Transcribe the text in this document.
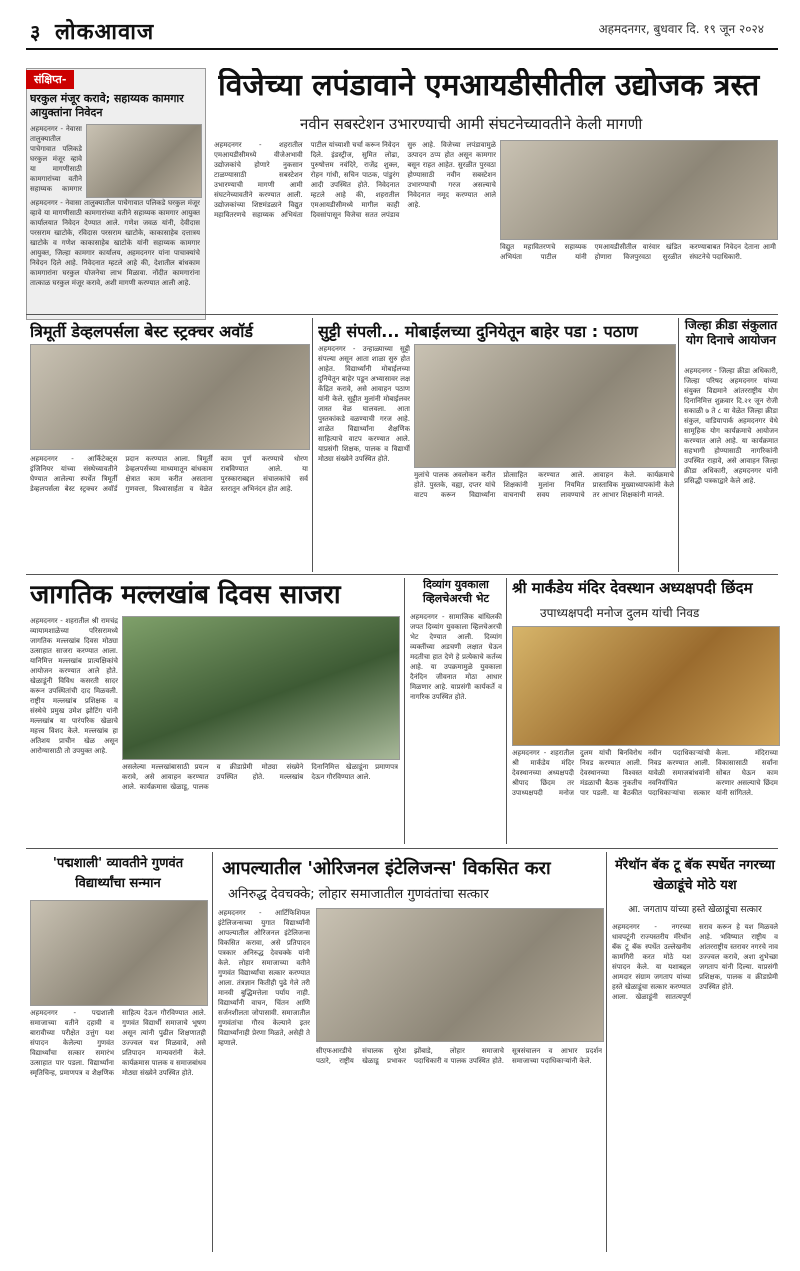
३ लोकआवाज	अहमदनगर, बुधवार दि. १९ जून २०२४
संक्षिप्त-
घरकुल मंजूर करावे; सहाय्यक कामगार आयुक्तांना निवेदन
अहमदनगर - नेवासा तालुक्यातील पाचेगावात पलिकडे घरकुल मंजूर व्हावे या मागणीसाठी कामगारांच्या वतीने सहाय्यक कामगार
अहमदनगर - नेवासा तालुक्यातील पाचेगावात पलिकडे घरकुल मंजूर व्हावे या मागणीसाठी कामगारांच्या वतीने सहाय्यक कामगार आयुक्त कार्यालयात निवेदन देण्यात आले. गणेश जवळ यांनी, देवीदास परसराम खाटोके, रविदास परसराम खाटोके, काकासाहेब दत्तात्रय खाटोके व गणेश काकासाहेब खाटोके यांनी सहाय्यक कामगार आयुक्त, जिल्हा कामगार कार्यालय, अहमदनगर यांना पाचाक्यांचे निवेदन दिले आहे. निवेदनात म्हटले आहे की, देशातील बांधकाम कामगारांना घरकुल योजनेचा लाभ मिळावा. नोंदीत कामगारांना तात्काळ घरकुल मंजूर करावे, अशी मागणी करण्यात आली आहे.
विजेच्या लपंडावाने एमआयडीसीतील उद्योजक त्रस्त
नवीन सबस्टेशन उभारण्याची आमी संघटनेच्यावतीने केली मागणी
अहमदनगर - शहरातील एमआयडीसीमध्ये वीजेअभावी उद्योजकांचे होणारे नुकसान टाळण्यासाठी सबस्टेशन उभारण्याची मागणी आमी संघटनेच्यावतीने करण्यात आली. उद्योजकांच्या शिष्टमंडळाने विद्युत महावितरणचे सहाय्यक अभियंता पाटील यांच्याशी चर्चा करून निवेदन दिले. इंडस्ट्रीज, सुमित लोढा, पुरुषोत्तम नवंदिरे, राजेंद्र शुक्ल, रोहन गांधी, सचिन पाठक, पांडुरंग आदी उपस्थित होते. निवेदनात म्हटले आहे की, शहरातील एमआयडीसीमध्ये मागील काही दिवसांपासून विजेचा सतत लपंडाव सुरु आहे. विजेच्या लपंडावामुळे उत्पादन ठप्प होत असून कामगार बसून राहत आहेत. सुरळीत पुरवठा होण्यासाठी नवीन सबस्टेशन उभारण्याची गरज असल्याचे निवेदनात नमूद करण्यात आले आहे.
विद्युत महावितरणचे सहाय्यक अभियंता पाटील यांनी एमआयडीसीतील वारंवार खंडित होणारा विजपुरवठा सुरळीत करण्याबाबत निवेदन देताना आमी संघटनेचे पदाधिकारी.
त्रिमूर्ती डेव्हलपर्सला बेस्ट स्ट्रक्चर अवॉर्ड
अहमदनगर - आर्किटेक्ट्स इंजिनियर यांच्या संस्थेच्यावतीने घेण्यात आलेल्या स्पर्धेत त्रिमूर्ती डेव्हलपर्सला बेस्ट स्ट्रक्चर अवॉर्ड प्रदान करण्यात आला. त्रिमूर्ती डेव्हलपर्सच्या माध्यमातून बांधकाम क्षेत्रात काम करीत असताना गुणवत्ता, विश्वासार्हता व वेळेत काम पूर्ण करण्याचे धोरण राबविण्यात आले. या पुरस्काराबद्दल संचालकांचे सर्व स्तरातून अभिनंदन होत आहे.
सुट्टी संपली... मोबाईलच्या दुनियेतून बाहेर पडा : पठाण
अहमदनगर - उन्हाळ्याच्या सुट्टी संपल्या असून आता शाळा सुरु होत आहेत. विद्यार्थ्यांनी मोबाईलच्या दुनियेतून बाहेर पडून अभ्यासावर लक्ष केंद्रित करावे, असे आवाहन पठाण यांनी केले. सुट्टीत मुलांनी मोबाईलवर जास्त वेळ घालवला. आता पुस्तकांकडे वळण्याची गरज आहे. शाळेत विद्यार्थ्यांना शैक्षणिक साहित्याचे वाटप करण्यात आले. याप्रसंगी शिक्षक, पालक व विद्यार्थी मोठ्या संख्येने उपस्थित होते.
मुलांचे पालक अवलोकन करीत होते. पुस्तके, वह्या, दप्तर यांचे वाटप करून विद्यार्थ्यांना प्रोत्साहित करण्यात आले. शिक्षकांनी मुलांना नियमित वाचनाची सवय लावण्याचे आवाहन केले. कार्यक्रमाचे प्रास्ताविक मुख्याध्यापकांनी केले तर आभार शिक्षकांनी मानले.
जिल्हा क्रीडा संकुलात योग दिनाचे आयोजन
अहमदनगर - जिल्हा क्रीडा अधिकारी, जिल्हा परिषद अहमदनगर यांच्या संयुक्त विद्यमाने आंतरराष्ट्रीय योग दिनानिमित्त शुक्रवार दि.२१ जून रोजी सकाळी ७ ते ८ या वेळेत जिल्हा क्रीडा संकुल, वाडियापार्क अहमदनगर येथे सामूहिक योग कार्यक्रमाचे आयोजन करण्यात आले आहे. या कार्यक्रमात सहभागी होण्यासाठी नागरिकांनी उपस्थित राहावे, असे आवाहन जिल्हा क्रीडा अधिकारी, अहमदनगर यांनी प्रसिद्धी पत्रकाद्वारे केले आहे.
जागतिक मल्लखांब दिवस साजरा
अहमदनगर - शहरातील श्री रामचंद्र व्यायामशाळेच्या परिसरामध्ये जागतिक मल्लखांब दिवस मोठ्या उत्साहात साजरा करण्यात आला. यानिमित्त मल्लखांब प्रात्यक्षिकांचे आयोजन करण्यात आले होते. खेळाडूंनी विविध कसरती सादर करून उपस्थितांची दाद मिळवली. राष्ट्रीय मल्लखांब प्रशिक्षक व संस्थेचे प्रमुख उमेश झोटिंग यांनी मल्लखांब या पारंपरिक खेळाचे महत्त्व विशद केले. मल्लखांब हा अतिशय प्राचीन खेळ असून आरोग्यासाठी तो उपयुक्त आहे.
असलेल्या मल्लखांबासाठी प्रयत्न करावे, असे आवाहन करण्यात आले. कार्यक्रमास खेळाडू, पालक व क्रीडाप्रेमी मोठ्या संख्येने उपस्थित होते. मल्लखांब दिनानिमित्त खेळाडूंना प्रमाणपत्र देऊन गौरविण्यात आले.
दिव्यांग युवकाला व्हिलचेअरची भेट
अहमदनगर - सामाजिक बांधिलकी जपत दिव्यांग युवकाला व्हिलचेअरची भेट देण्यात आली. दिव्यांग व्यक्तींच्या अडचणी लक्षात घेऊन मदतीचा हात देणे हे प्रत्येकाचे कर्तव्य आहे. या उपक्रमामुळे युवकाला दैनंदिन जीवनात मोठा आधार मिळणार आहे. याप्रसंगी कार्यकर्ते व नागरिक उपस्थित होते.
श्री मार्कंडेय मंदिर देवस्थान अध्यक्षपदी छिंदम
उपाध्यक्षपदी मनोज दुलम यांची निवड
अहमदनगर - शहरातील श्री मार्कंडेय मंदिर देवस्थानच्या अध्यक्षपदी श्रीपाद छिंदम तर उपाध्यक्षपदी मनोज दुलम यांची बिनविरोध निवड करण्यात आली. देवस्थानच्या विश्वस्त मंडळाची बैठक नुकतीच पार पडली. या बैठकीत नवीन पदाधिकाऱ्यांची निवड करण्यात आली. यावेळी समाजबांधवांनी नवनिर्वाचित पदाधिकाऱ्यांचा सत्कार केला. मंदिराच्या विकासासाठी सर्वांना सोबत घेऊन काम करणार असल्याचे छिंदम यांनी सांगितले.
'पद्मशाली' व्यावतीने गुणवंत विद्यार्थ्यांचा सन्मान
अहमदनगर - पद्मशाली समाजाच्या वतीने दहावी व बारावीच्या परीक्षेत उत्तुंग यश संपादन केलेल्या गुणवंत विद्यार्थ्यांचा सत्कार समारंभ उत्साहात पार पडला. विद्यार्थ्यांना स्मृतिचिन्ह, प्रमाणपत्र व शैक्षणिक साहित्य देऊन गौरविण्यात आले. गुणवंत विद्यार्थी समाजाचे भूषण असून त्यांनी पुढील शिक्षणातही उज्ज्वल यश मिळवावे, असे प्रतिपादन मान्यवरांनी केले. कार्यक्रमास पालक व समाजबांधव मोठ्या संख्येने उपस्थित होते.
आपल्यातील 'ओरिजनल इंटेलिजन्स' विकसित करा
अनिरुद्ध देवचक्के; लोहार समाजातील गुणवंतांचा सत्कार
अहमदनगर - आर्टिफिशियल इंटेलिजन्सच्या युगात विद्यार्थ्यांनी आपल्यातील ओरिजनल इंटेलिजन्स विकसित करावा, असे प्रतिपादन पत्रकार अनिरुद्ध देवचक्के यांनी केले. लोहार समाजाच्या वतीने गुणवंत विद्यार्थ्यांचा सत्कार करण्यात आला. तंत्रज्ञान कितीही पुढे गेले तरी मानवी बुद्धिमत्तेला पर्याय नाही. विद्यार्थ्यांनी वाचन, चिंतन आणि सर्जनशीलता जोपासावी. समाजातील गुणवंतांचा गौरव केल्याने इतर विद्यार्थ्यांनाही प्रेरणा मिळते, असेही ते म्हणाले.
सीएफआरडीचे संचालक सुरेश पठारे, राष्ट्रीय खेळाडू प्रभाकर झोंबाडे, लोहार समाजाचे पदाधिकारी व पालक उपस्थित होते. सूत्रसंचालन व आभार प्रदर्शन समाजाच्या पदाधिकाऱ्यांनी केले.
मॅरेथॉन बॅक टू बॅक स्पर्धेत नगरच्या खेळाडूंचे मोठे यश
आ. जगताप यांच्या हस्ते खेळाडूंचा सत्कार
अहमदनगर - नगरच्या धावपटूंनी राज्यस्तरीय मॅरेथॉन बॅक टू बॅक स्पर्धेत उल्लेखनीय कामगिरी करत मोठे यश संपादन केले. या यशाबद्दल आमदार संग्राम जगताप यांच्या हस्ते खेळाडूंचा सत्कार करण्यात आला. खेळाडूंनी सातत्यपूर्ण सराव करून हे यश मिळवले आहे. भविष्यात राष्ट्रीय व आंतरराष्ट्रीय स्तरावर नगरचे नाव उज्ज्वल करावे, अशा शुभेच्छा जगताप यांनी दिल्या. याप्रसंगी प्रशिक्षक, पालक व क्रीडाप्रेमी उपस्थित होते.
